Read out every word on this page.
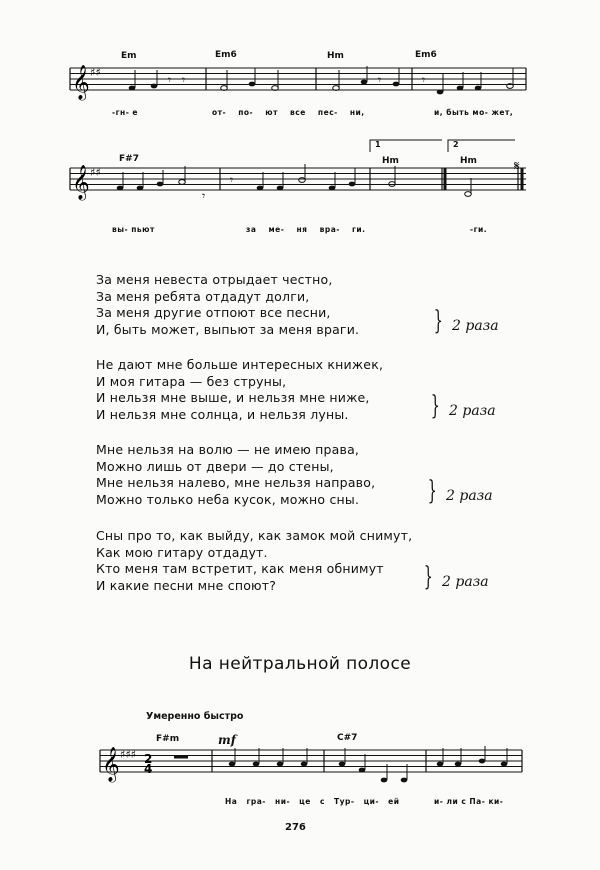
Em	Em6	Hm	Em6
𝄞 ♯♯
𝄾 𝄾	𝄾	𝄾
-гн- е	от- по- ют все пес- ни,	и, быть мо- жет,
F#7	Hm	Hm
𝄞 ♯♯
𝄾
𝄾
𝄋
1	2
вы- пьют	за ме- ня вра- ги.	-ги.
За меня невеста отрыдает честно,
За меня ребята отдадут долги,
За меня другие отпоют все песни,
И, быть может, выпьют за меня враги.	} 2 раза
Не дают мне больше интересных книжек,
И моя гитара — без струны,
И нельзя мне выше, и нельзя мне ниже,
И нельзя мне солнца, и нельзя луны.	} 2 раза
Мне нельзя на волю — не имею права,
Можно лишь от двери — до стены,
Мне нельзя налево, мне нельзя направо,
Можно только неба кусок, можно сны.	} 2 раза
Сны про то, как выйду, как замок мой снимут,
Как мою гитару отдадут.
Кто меня там встретит, как меня обнимут
И какие песни мне споют?	} 2 раза
На нейтральной полосе
Умеренно быстро
F#m	mf	C#7
𝄞 ♯♯♯ 2
4
На гра- ни- це с Тур- ци- ей	и- ли с Па- ки-
276
